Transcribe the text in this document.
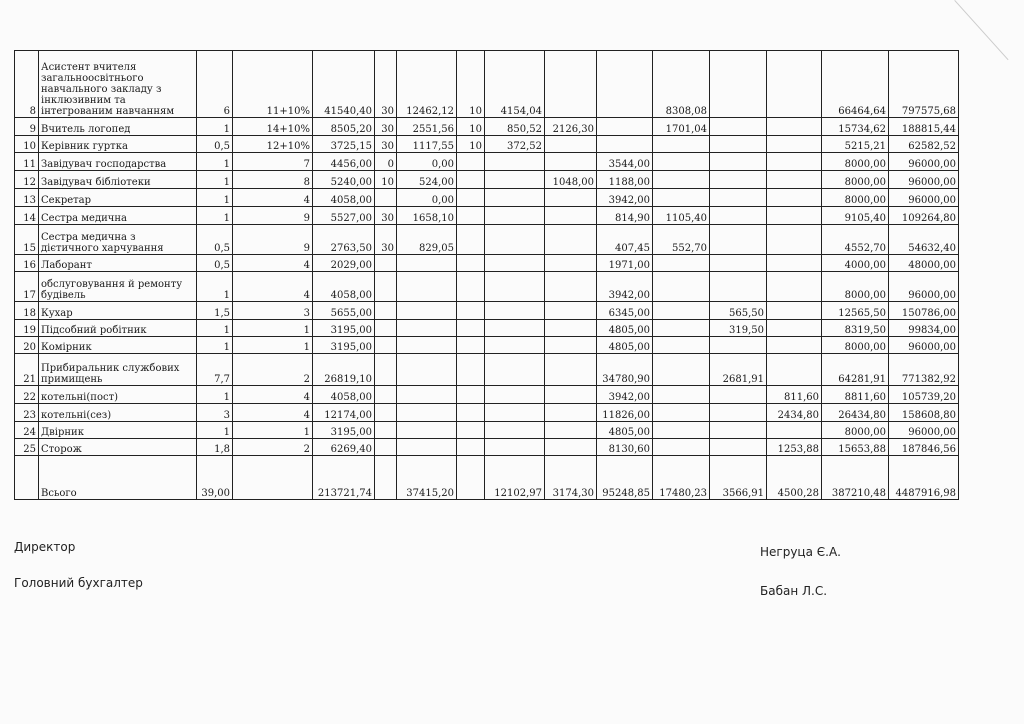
8	Асистент вчителя загальноосвітнього навчального закладу з інклюзивним та інтегрованим навчанням	6	11+10%	41540,40	30	12462,12	10	4154,04			8308,08			66464,64	797575,68
9	Вчитель логопед	1	14+10%	8505,20	30	2551,56	10	850,52	2126,30		1701,04			15734,62	188815,44
10	Керівник гуртка	0,5	12+10%	3725,15	30	1117,55	10	372,52						5215,21	62582,52
11	Завідувач господарства	1	7	4456,00	0	0,00				3544,00				8000,00	96000,00
12	Завідувач бібліотеки	1	8	5240,00	10	524,00			1048,00	1188,00				8000,00	96000,00
13	Секретар	1	4	4058,00		0,00				3942,00				8000,00	96000,00
14	Сестра медична	1	9	5527,00	30	1658,10				814,90	1105,40			9105,40	109264,80
15	Сестра медична з дієтичного харчування	0,5	9	2763,50	30	829,05				407,45	552,70			4552,70	54632,40
16	Лаборант	0,5	4	2029,00						1971,00				4000,00	48000,00
17	обслуговування й ремонту будівель	1	4	4058,00						3942,00				8000,00	96000,00
18	Кухар	1,5	3	5655,00						6345,00		565,50		12565,50	150786,00
19	Підсобний робітник	1	1	3195,00						4805,00		319,50		8319,50	99834,00
20	Комірник	1	1	3195,00						4805,00				8000,00	96000,00
21	Прибиральник службових примищень	7,7	2	26819,10						34780,90		2681,91		64281,91	771382,92
22	котельні(пост)	1	4	4058,00						3942,00			811,60	8811,60	105739,20
23	котельні(сез)	3	4	12174,00						11826,00			2434,80	26434,80	158608,80
24	Двірник	1	1	3195,00						4805,00				8000,00	96000,00
25	Сторож	1,8	2	6269,40						8130,60			1253,88	15653,88	187846,56
	Всього	39,00		213721,74		37415,20		12102,97	3174,30	95248,85	17480,23	3566,91	4500,28	387210,48	4487916,98
Директор	Негруца Є.А.
Головний бухгалтер
Бабан Л.С.
